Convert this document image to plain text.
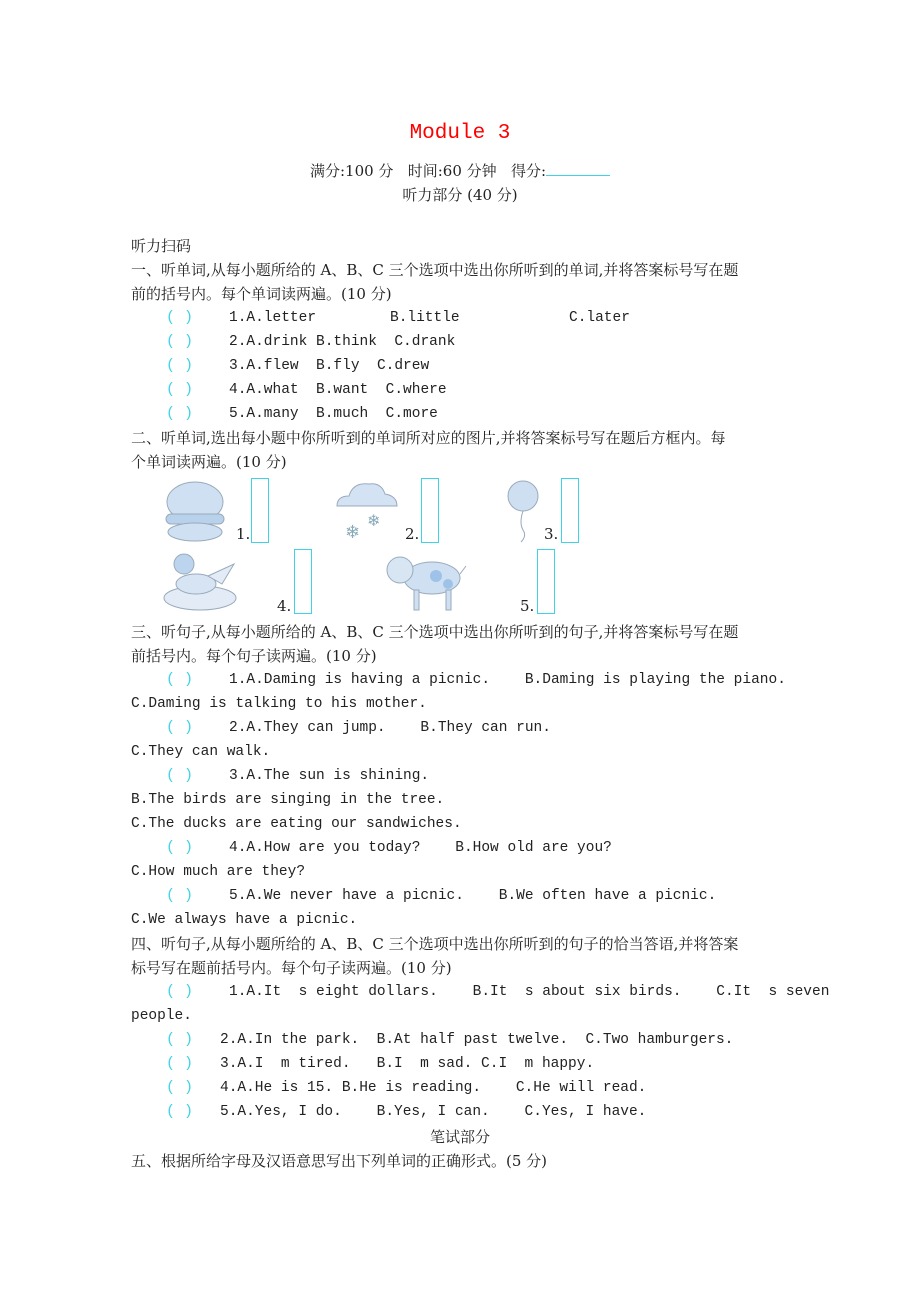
Module 3
满分:100 分 时间:60 分钟 得分:
听力部分 (40 分)
听力扫码
一、听单词,从每小题所给的 A、B、C 三个选项中选出你所听到的单词,并将答案标号写在题
前的括号内。每个单词读两遍。(10 分)
二、听单词,选出每小题中你所听到的单词所对应的图片,并将答案标号写在题后方框内。每
个单词读两遍。(10 分)
1.	❄
❄
2.	3.
4.	5.
三、听句子,从每小题所给的 A、B、C 三个选项中选出你所听到的句子,并将答案标号写在题
前括号内。每个句子读两遍。(10 分)
四、听句子,从每小题所给的 A、B、C 三个选项中选出你所听到的句子的恰当答语,并将答案
标号写在题前括号内。每个句子读两遍。(10 分)
笔试部分
五、根据所给字母及汉语意思写出下列单词的正确形式。(5 分)
( ) 1.A.letter	B.little	C.later
( ) 2.A.drink B.think C.drank
( ) 3.A.flew B.fly C.drew
( ) 4.A.what B.want C.where
( ) 5.A.many B.much C.more
( ) 1.A.Daming is having a picnic.    B.Daming is playing the piano.
C.Daming is talking to his mother.
( ) 2.A.They can jump.    B.They can run.
C.They can walk.
( ) 3.A.The sun is shining.
B.The birds are singing in the tree.
C.The ducks are eating our sandwiches.
( ) 4.A.How are you today?    B.How old are you?
C.How much are they?
( ) 5.A.We never have a picnic.    B.We often have a picnic.
C.We always have a picnic.
( ) 1.A.It  s eight dollars.    B.It  s about six birds.    C.It  s seven
people.
( ) 2.A.In the park.  B.At half past twelve.  C.Two hamburgers.
( ) 3.A.I  m tired.   B.I  m sad. C.I  m happy.
( ) 4.A.He is 15. B.He is reading.    C.He will read.
( ) 5.A.Yes, I do.    B.Yes, I can.    C.Yes, I have.
